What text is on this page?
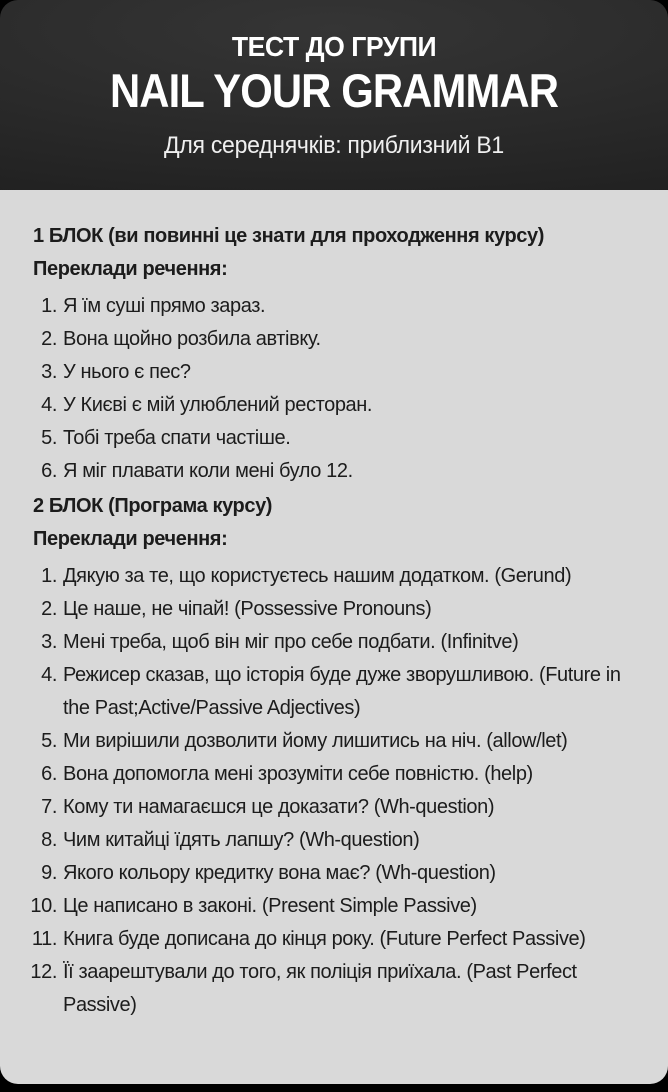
ТЕСТ ДО ГРУПИ
NAIL YOUR GRAMMAR
Для середнячків: приблизний B1

1 БЛОК (ви повинні це знати для проходження курсу)

Переклади речення:

Я їм суші прямо зараз.
Вона щойно розбила автівку.
У нього є пес?
У Києві є мій улюблений ресторан.
Тобі треба спати частіше.
Я міг плавати коли мені було 12.

2 БЛОК (Програма курсу)

Переклади речення:

Дякую за те, що користуєтесь нашим додатком. (Gerund)
Це наше, не чіпай! (Possessive Pronouns)
Мені треба, щоб він міг про себе подбати. (Infinitve)
Режисер сказав, що історія буде дуже зворушливою. (Future in the Past;Active/Passive Adjectives)
Ми вирішили дозволити йому лишитись на ніч. (allow/let)
Вона допомогла мені зрозуміти себе повністю. (help)
Кому ти намагаєшся це доказати? (Wh-question)
Чим китайці їдять лапшу? (Wh-question)
Якого кольору кредитку вона має? (Wh-question)
Це написано в законі. (Present Simple Passive)
Книга буде дописана до кінця року. (Future Perfect Passive)
Її заарештували до того, як поліція приїхала. (Past Perfect Passive)
